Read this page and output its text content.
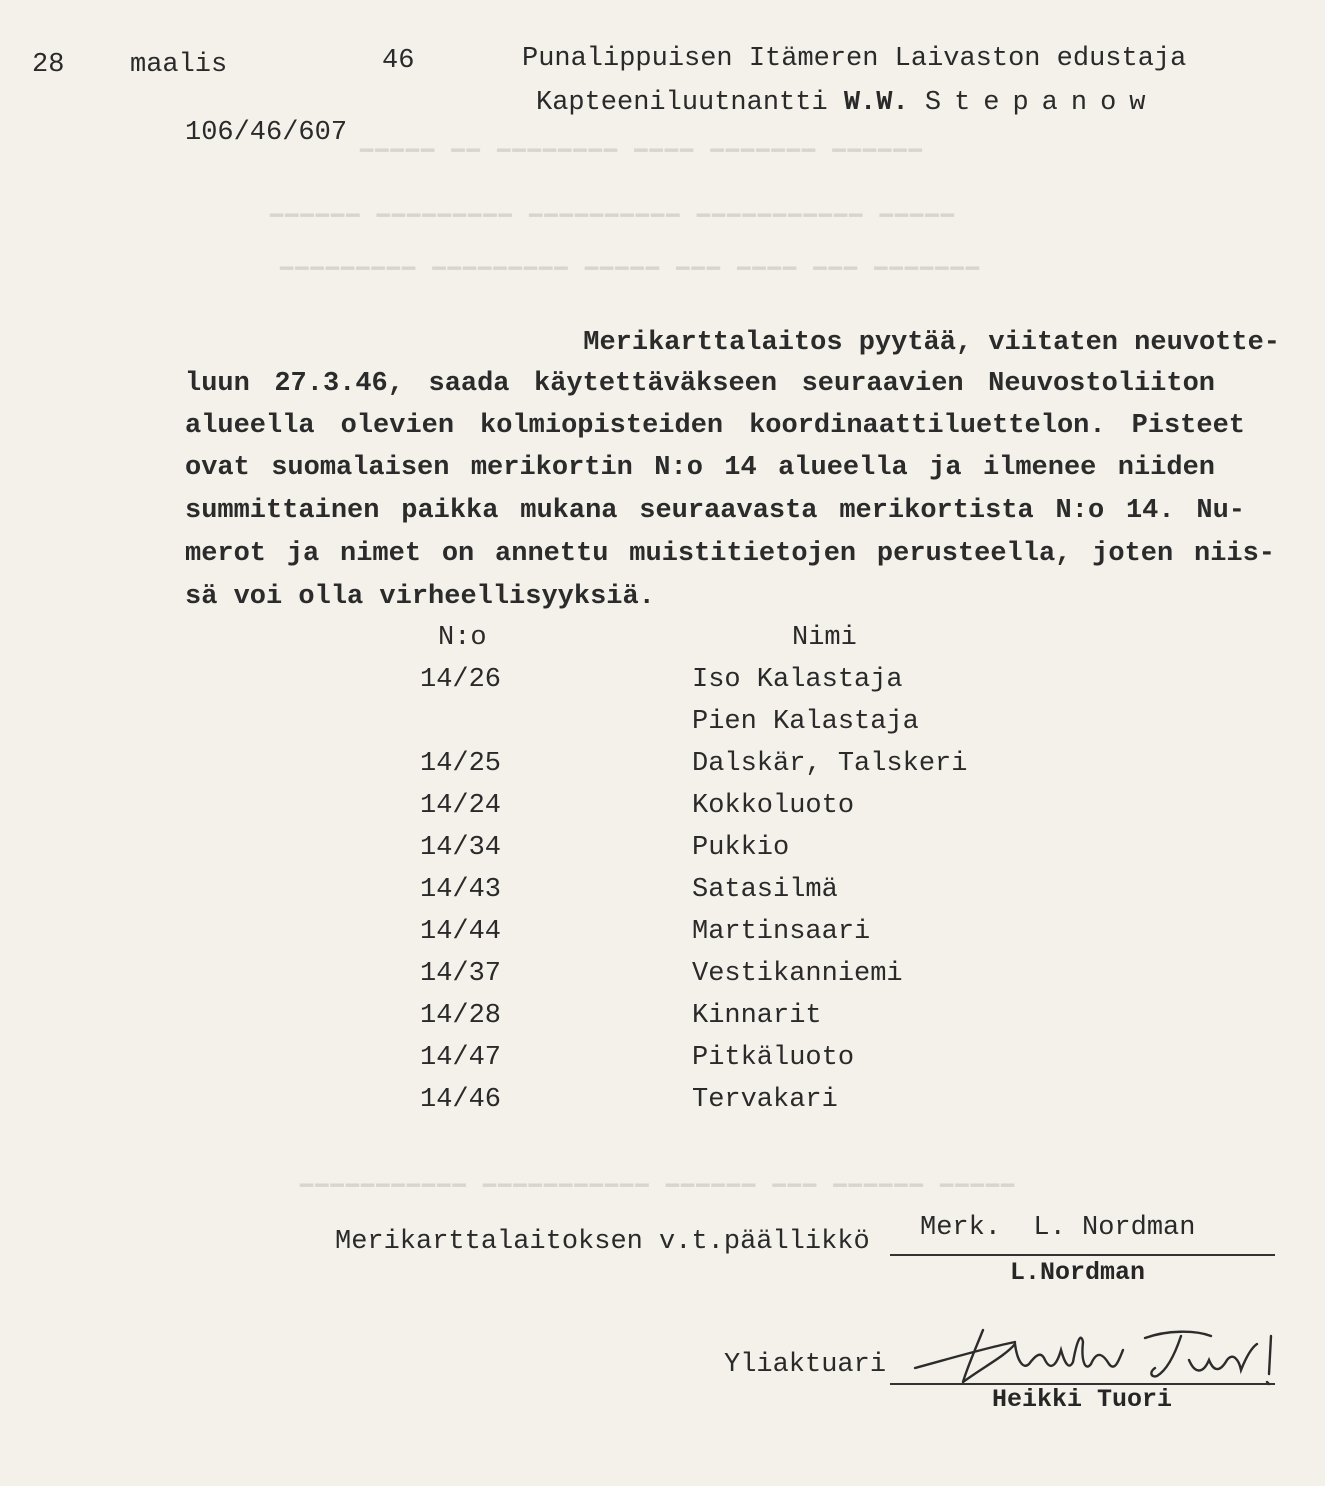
▔▔▔▔▔ ▔▔ ▔▔▔▔▔▔▔▔ ▔▔▔▔ ▔▔▔▔▔▔▔ ▔▔▔▔▔▔
▔▔▔▔▔▔ ▔▔▔▔▔▔▔▔▔ ▔▔▔▔▔▔▔▔▔▔ ▔▔▔▔▔▔▔▔▔▔▔ ▔▔▔▔▔
▔▔▔▔▔▔▔▔▔ ▔▔▔▔▔▔▔▔▔ ▔▔▔▔▔ ▔▔▔ ▔▔▔▔ ▔▔▔ ▔▔▔▔▔▔▔
▔▔▔▔▔▔▔▔▔▔▔ ▔▔▔▔▔▔▔▔▔▔▔ ▔▔▔▔▔▔ ▔▔▔ ▔▔▔▔▔▔ ▔▔▔▔▔
28 maalis	46	Punalippuisen Itämeren Laivaston edustaja
Kapteeniluutnantti W.W. Stepanow
106/46/607
Merikarttalaitos pyytää, viitaten neuvotte-
luun 27.3.46, saada käytettäväkseen seuraavien Neuvostoliiton
alueella olevien kolmiopisteiden koordinaattiluettelon. Pisteet
ovat suomalaisen merikortin N:o 14 alueella ja ilmenee niiden
summittainen paikka mukana seuraavasta merikortista N:o 14. Nu-
merot ja nimet on annettu muistitietojen perusteella, joten niis-
sä voi olla virheellisyyksiä.
N:o	Nimi
14/26	Iso Kalastaja
Pien Kalastaja
14/25	Dalskär, Talskeri
14/24	Kokkoluoto
14/34	Pukkio
14/43	Satasilmä
14/44	Martinsaari
14/37	Vestikanniemi
14/28	Kinnarit
14/47	Pitkäluoto
14/46	Tervakari
Merikarttalaitoksen v.t.päällikkö Merk.  L. Nordman
L.Nordman
Yliaktuari
Heikki Tuori
